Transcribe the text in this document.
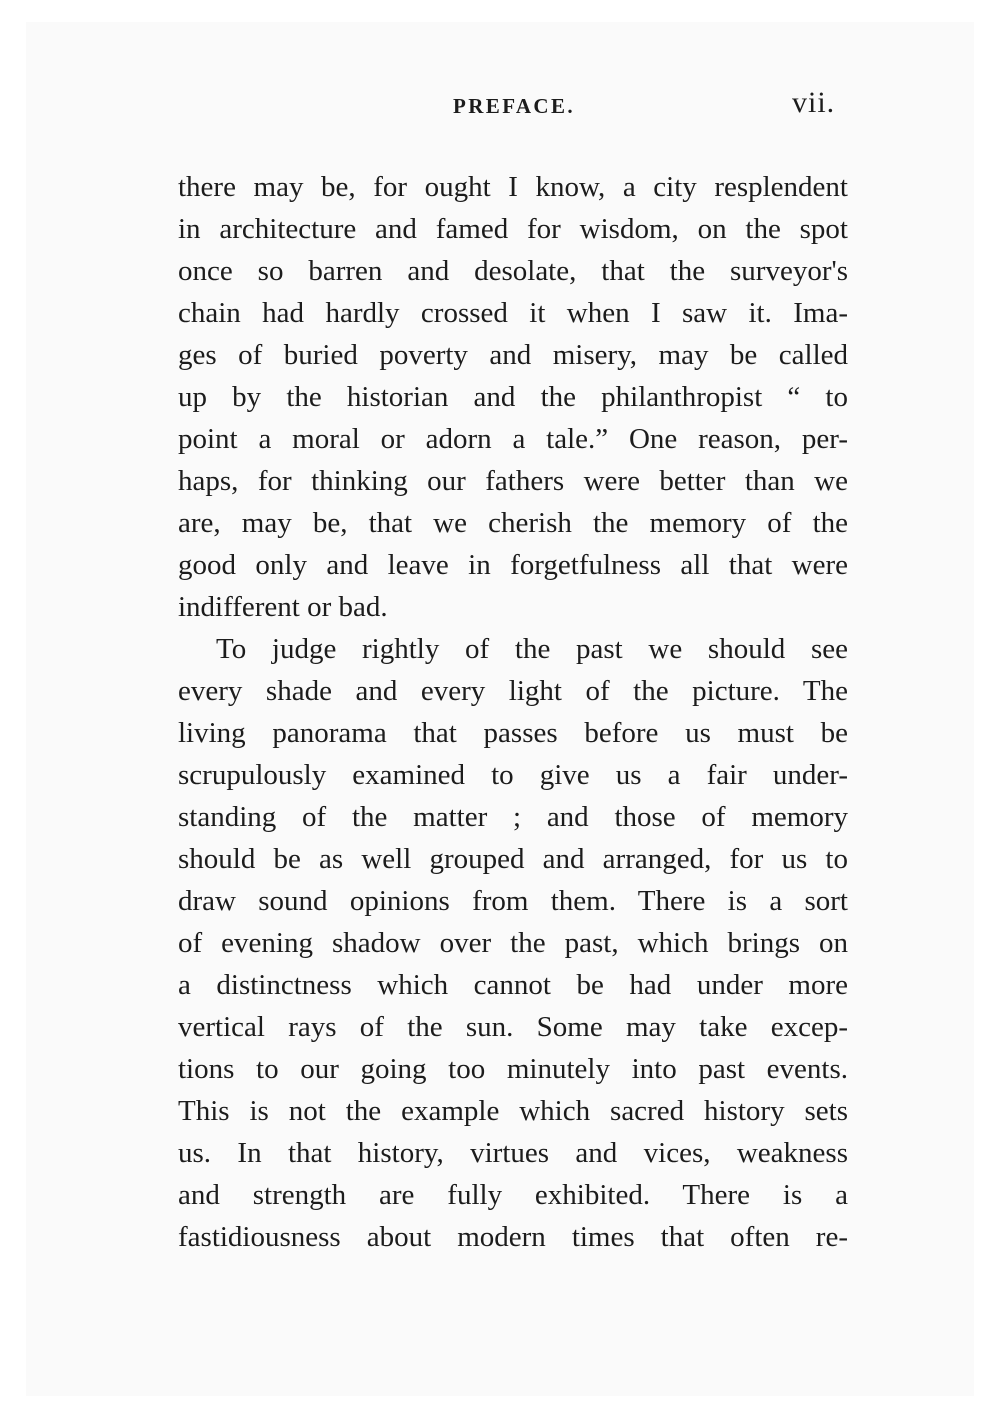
PREFACE.	vii.
there may be, for ought I know, a city resplendent
in architecture and famed for wisdom, on the spot
once so barren and desolate, that the surveyor's
chain had hardly crossed it when I saw it. Ima-
ges of buried poverty and misery, may be called
up by the historian and the philanthropist “ to
point a moral or adorn a tale.” One reason, per-
haps, for thinking our fathers were better than we
are, may be, that we cherish the memory of the
good only and leave in forgetfulness all that were
indifferent or bad.
To judge rightly of the past we should see
every shade and every light of the picture. The
living panorama that passes before us must be
scrupulously examined to give us a fair under-
standing of the matter ; and those of memory
should be as well grouped and arranged, for us to
draw sound opinions from them. There is a sort
of evening shadow over the past, which brings on
a distinctness which cannot be had under more
vertical rays of the sun. Some may take excep-
tions to our going too minutely into past events.
This is not the example which sacred history sets
us. In that history, virtues and vices, weakness
and strength are fully exhibited. There is a
fastidiousness about modern times that often re-
